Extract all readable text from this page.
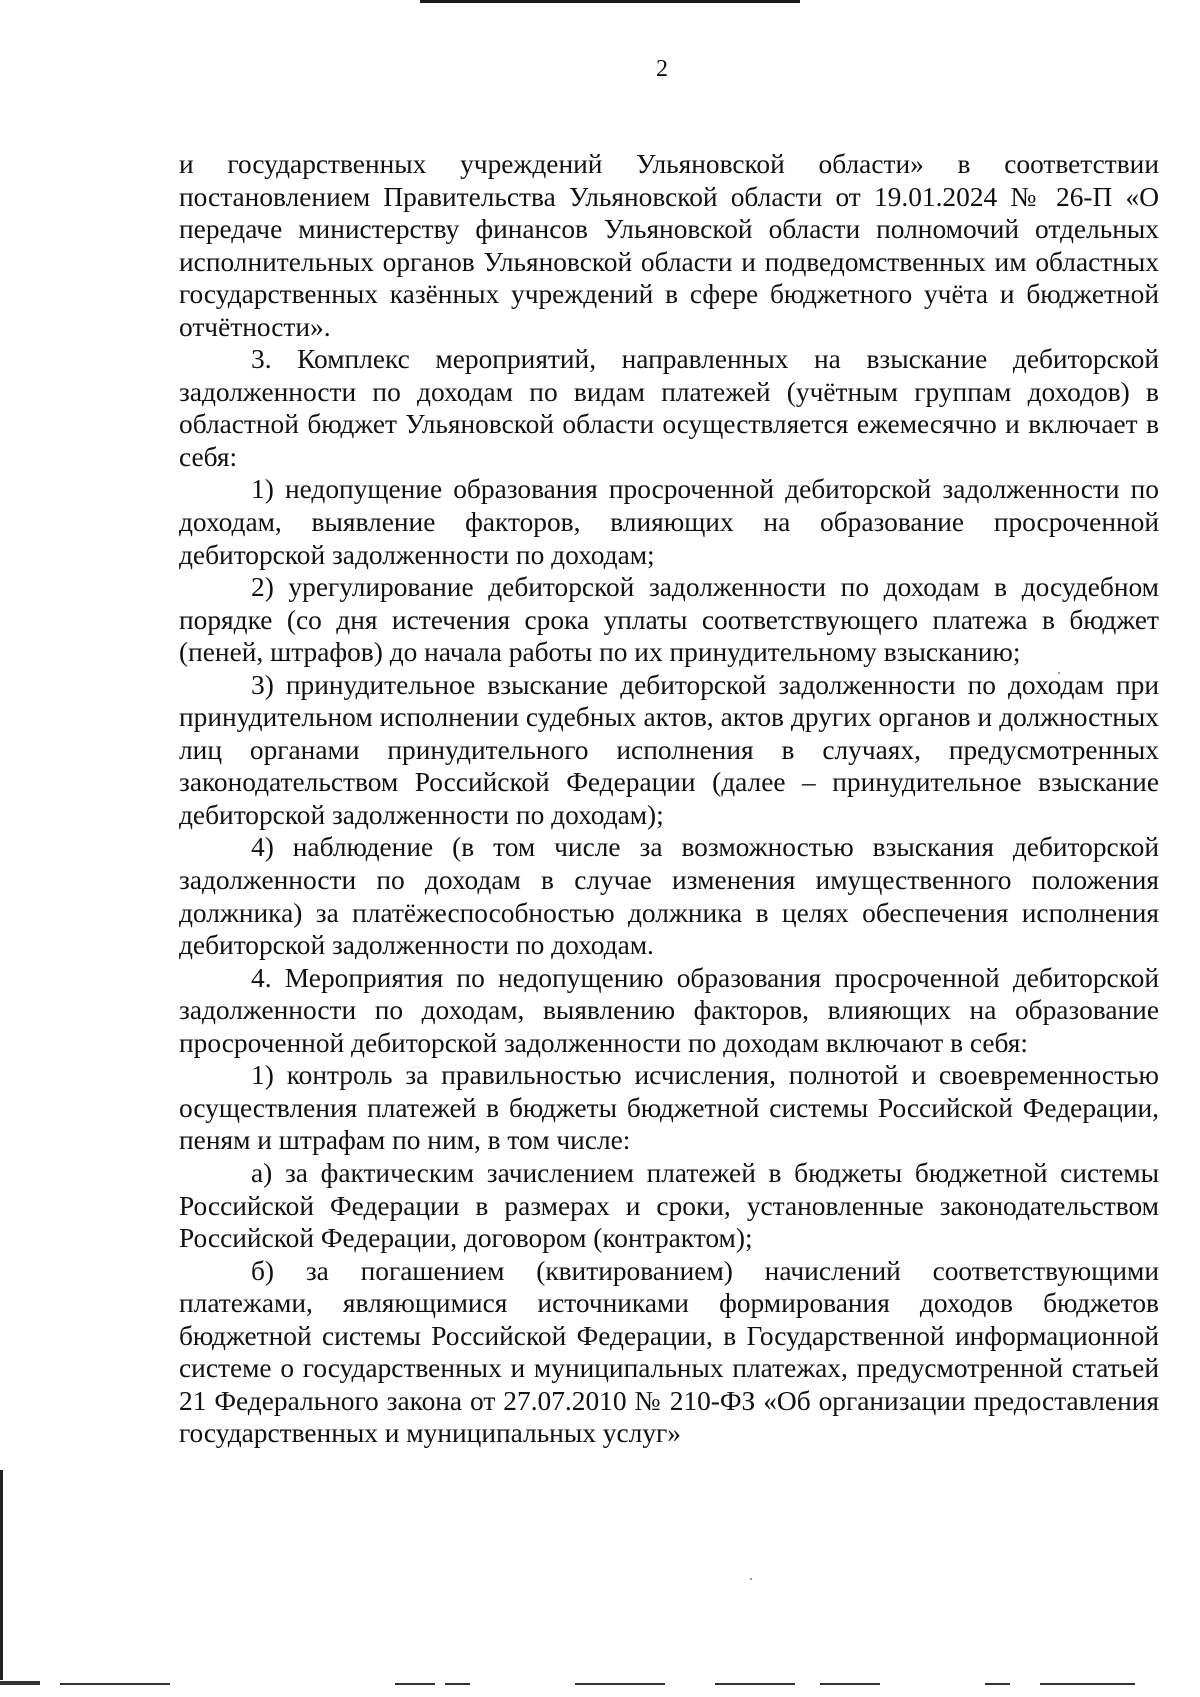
2

и государственных учреждений Ульяновской области» в соответствии постановлением Правительства Ульяновской области от 19.01.2024 № 26-П «О передаче министерству финансов Ульяновской области полномочий отдельных исполнительных органов Ульяновской области и подведомственных им областных государственных казённых учреждений в сфере бюджетного учёта и бюджетной отчётности».

3. Комплекс мероприятий, направленных на взыскание дебиторской задолженности по доходам по видам платежей (учётным группам доходов) в областной бюджет Ульяновской области осуществляется ежемесячно и включает в себя:

1) недопущение образования просроченной дебиторской задолженности по доходам, выявление факторов, влияющих на образование просроченной дебиторской задолженности по доходам;

2) урегулирование дебиторской задолженности по доходам в досудебном порядке (со дня истечения срока уплаты соответствующего платежа в бюджет (пеней, штрафов) до начала работы по их принудительному взысканию;

3) принудительное взыскание дебиторской задолженности по доходам при принудительном исполнении судебных актов, актов других органов и должностных лиц органами принудительного исполнения в случаях, предусмотренных законодательством Российской Федерации (далее – принудительное взыскание дебиторской задолженности по доходам);

4) наблюдение (в том числе за возможностью взыскания дебиторской задолженности по доходам в случае изменения имущественного положения должника) за платёжеспособностью должника в целях обеспечения исполнения дебиторской задолженности по доходам.

4. Мероприятия по недопущению образования просроченной дебиторской задолженности по доходам, выявлению факторов, влияющих на образование просроченной дебиторской задолженности по доходам включают в себя:

1) контроль за правильностью исчисления, полнотой и своевременностью осуществления платежей в бюджеты бюджетной системы Российской Федерации, пеням и штрафам по ним, в том числе:

а) за фактическим зачислением платежей в бюджеты бюджетной системы Российской Федерации в размерах и сроки, установленные законодательством Российской Федерации, договором (контрактом);

б) за погашением (квитированием) начислений соответствующими платежами, являющимися источниками формирования доходов бюджетов бюджетной системы Российской Федерации, в Государственной информационной системе о государственных и муниципальных платежах, предусмотренной статьей 21 Федерального закона от 27.07.2010 № 210-ФЗ «Об организации предоставления государственных и муниципальных услуг»
